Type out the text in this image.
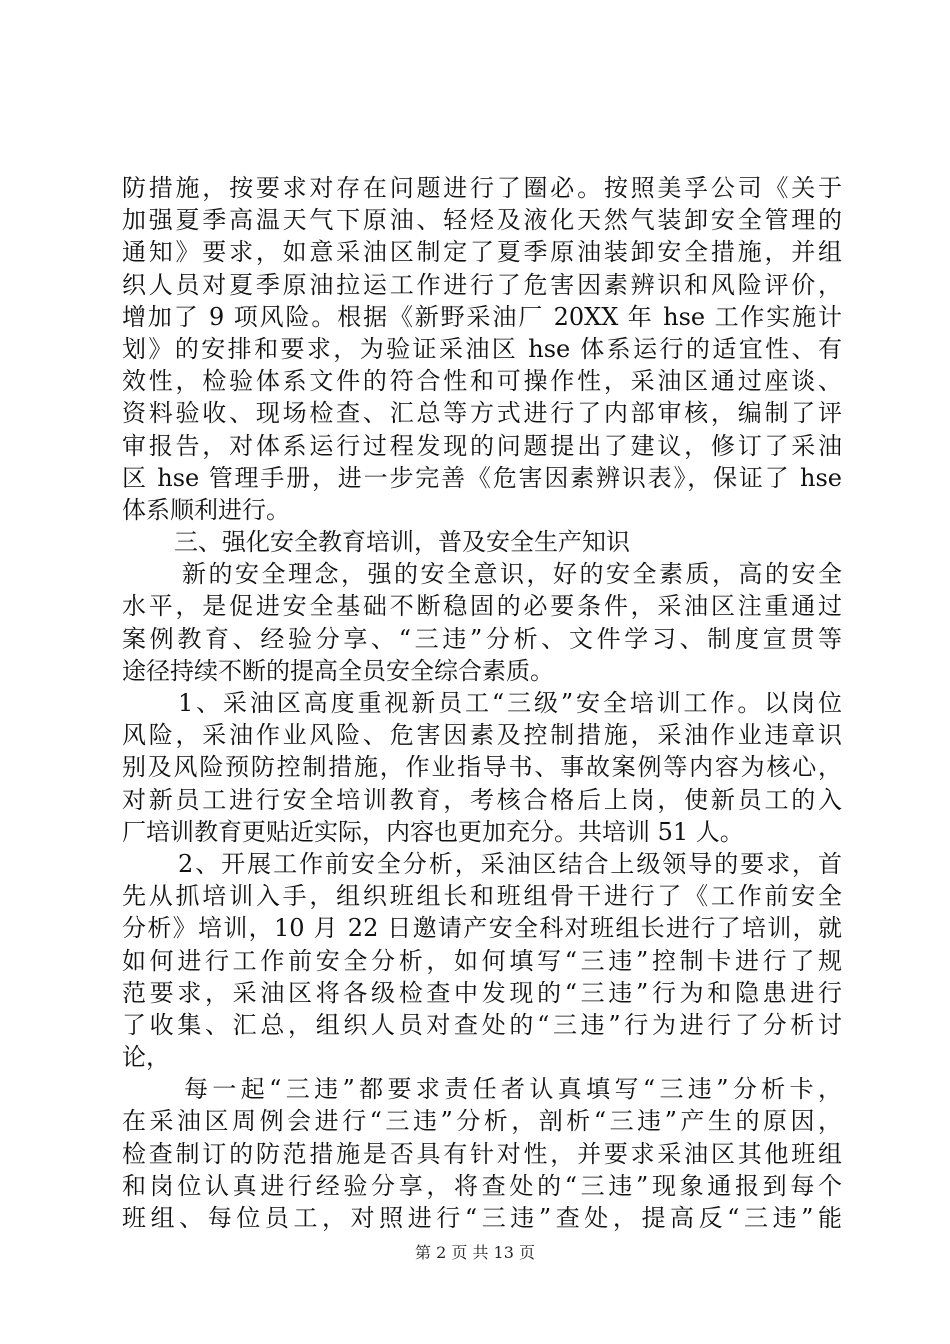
防措施，按要求对存在问题进行了圈必。按照美孚公司《关于
加强夏季高温天气下原油、轻烃及液化天然气装卸安全管理的
通知》要求，如意采油区制定了夏季原油装卸安全措施，并组
织人员对夏季原油拉运工作进行了危害因素辨识和风险评价，
增加了 9 项风险。根据《新野采油厂 20XX 年 hse 工作实施计
划》的安排和要求，为验证采油区 hse 体系运行的适宜性、有
效性，检验体系文件的符合性和可操作性，采油区通过座谈、
资料验收、现场检查、汇总等方式进行了内部审核，编制了评
审报告，对体系运行过程发现的问题提出了建议，修订了采油
区 hse 管理手册，进一步完善《危害因素辨识表》，保证了 hse
体系顺利进行。
三、强化安全教育培训，普及安全生产知识
新的安全理念，强的安全意识，好的安全素质，高的安全
水平，是促进安全基础不断稳固的必要条件，采油区注重通过
案例教育、经验分享、“三违”分析、文件学习、制度宣贯等
途径持续不断的提高全员安全综合素质。
1、采油区高度重视新员工“三级”安全培训工作。以岗位
风险，采油作业风险、危害因素及控制措施，采油作业违章识
别及风险预防控制措施，作业指导书、事故案例等内容为核心，
对新员工进行安全培训教育，考核合格后上岗，使新员工的入
厂培训教育更贴近实际，内容也更加充分。共培训 51 人。
2、开展工作前安全分析，采油区结合上级领导的要求，首
先从抓培训入手，组织班组长和班组骨干进行了《工作前安全
分析》培训，10 月 22 日邀请产安全科对班组长进行了培训，就
如何进行工作前安全分析，如何填写“三违”控制卡进行了规
范要求，采油区将各级检查中发现的“三违”行为和隐患进行
了收集、汇总，组织人员对查处的“三违”行为进行了分析讨
论，
每一起“三违”都要求责任者认真填写“三违”分析卡，
在采油区周例会进行“三违”分析，剖析“三违”产生的原因，
检查制订的防范措施是否具有针对性，并要求采油区其他班组
和岗位认真进行经验分享，将查处的“三违”现象通报到每个
班组、每位员工，对照进行“三违”查处，提高反“三违”能
第 2 页 共 13 页
